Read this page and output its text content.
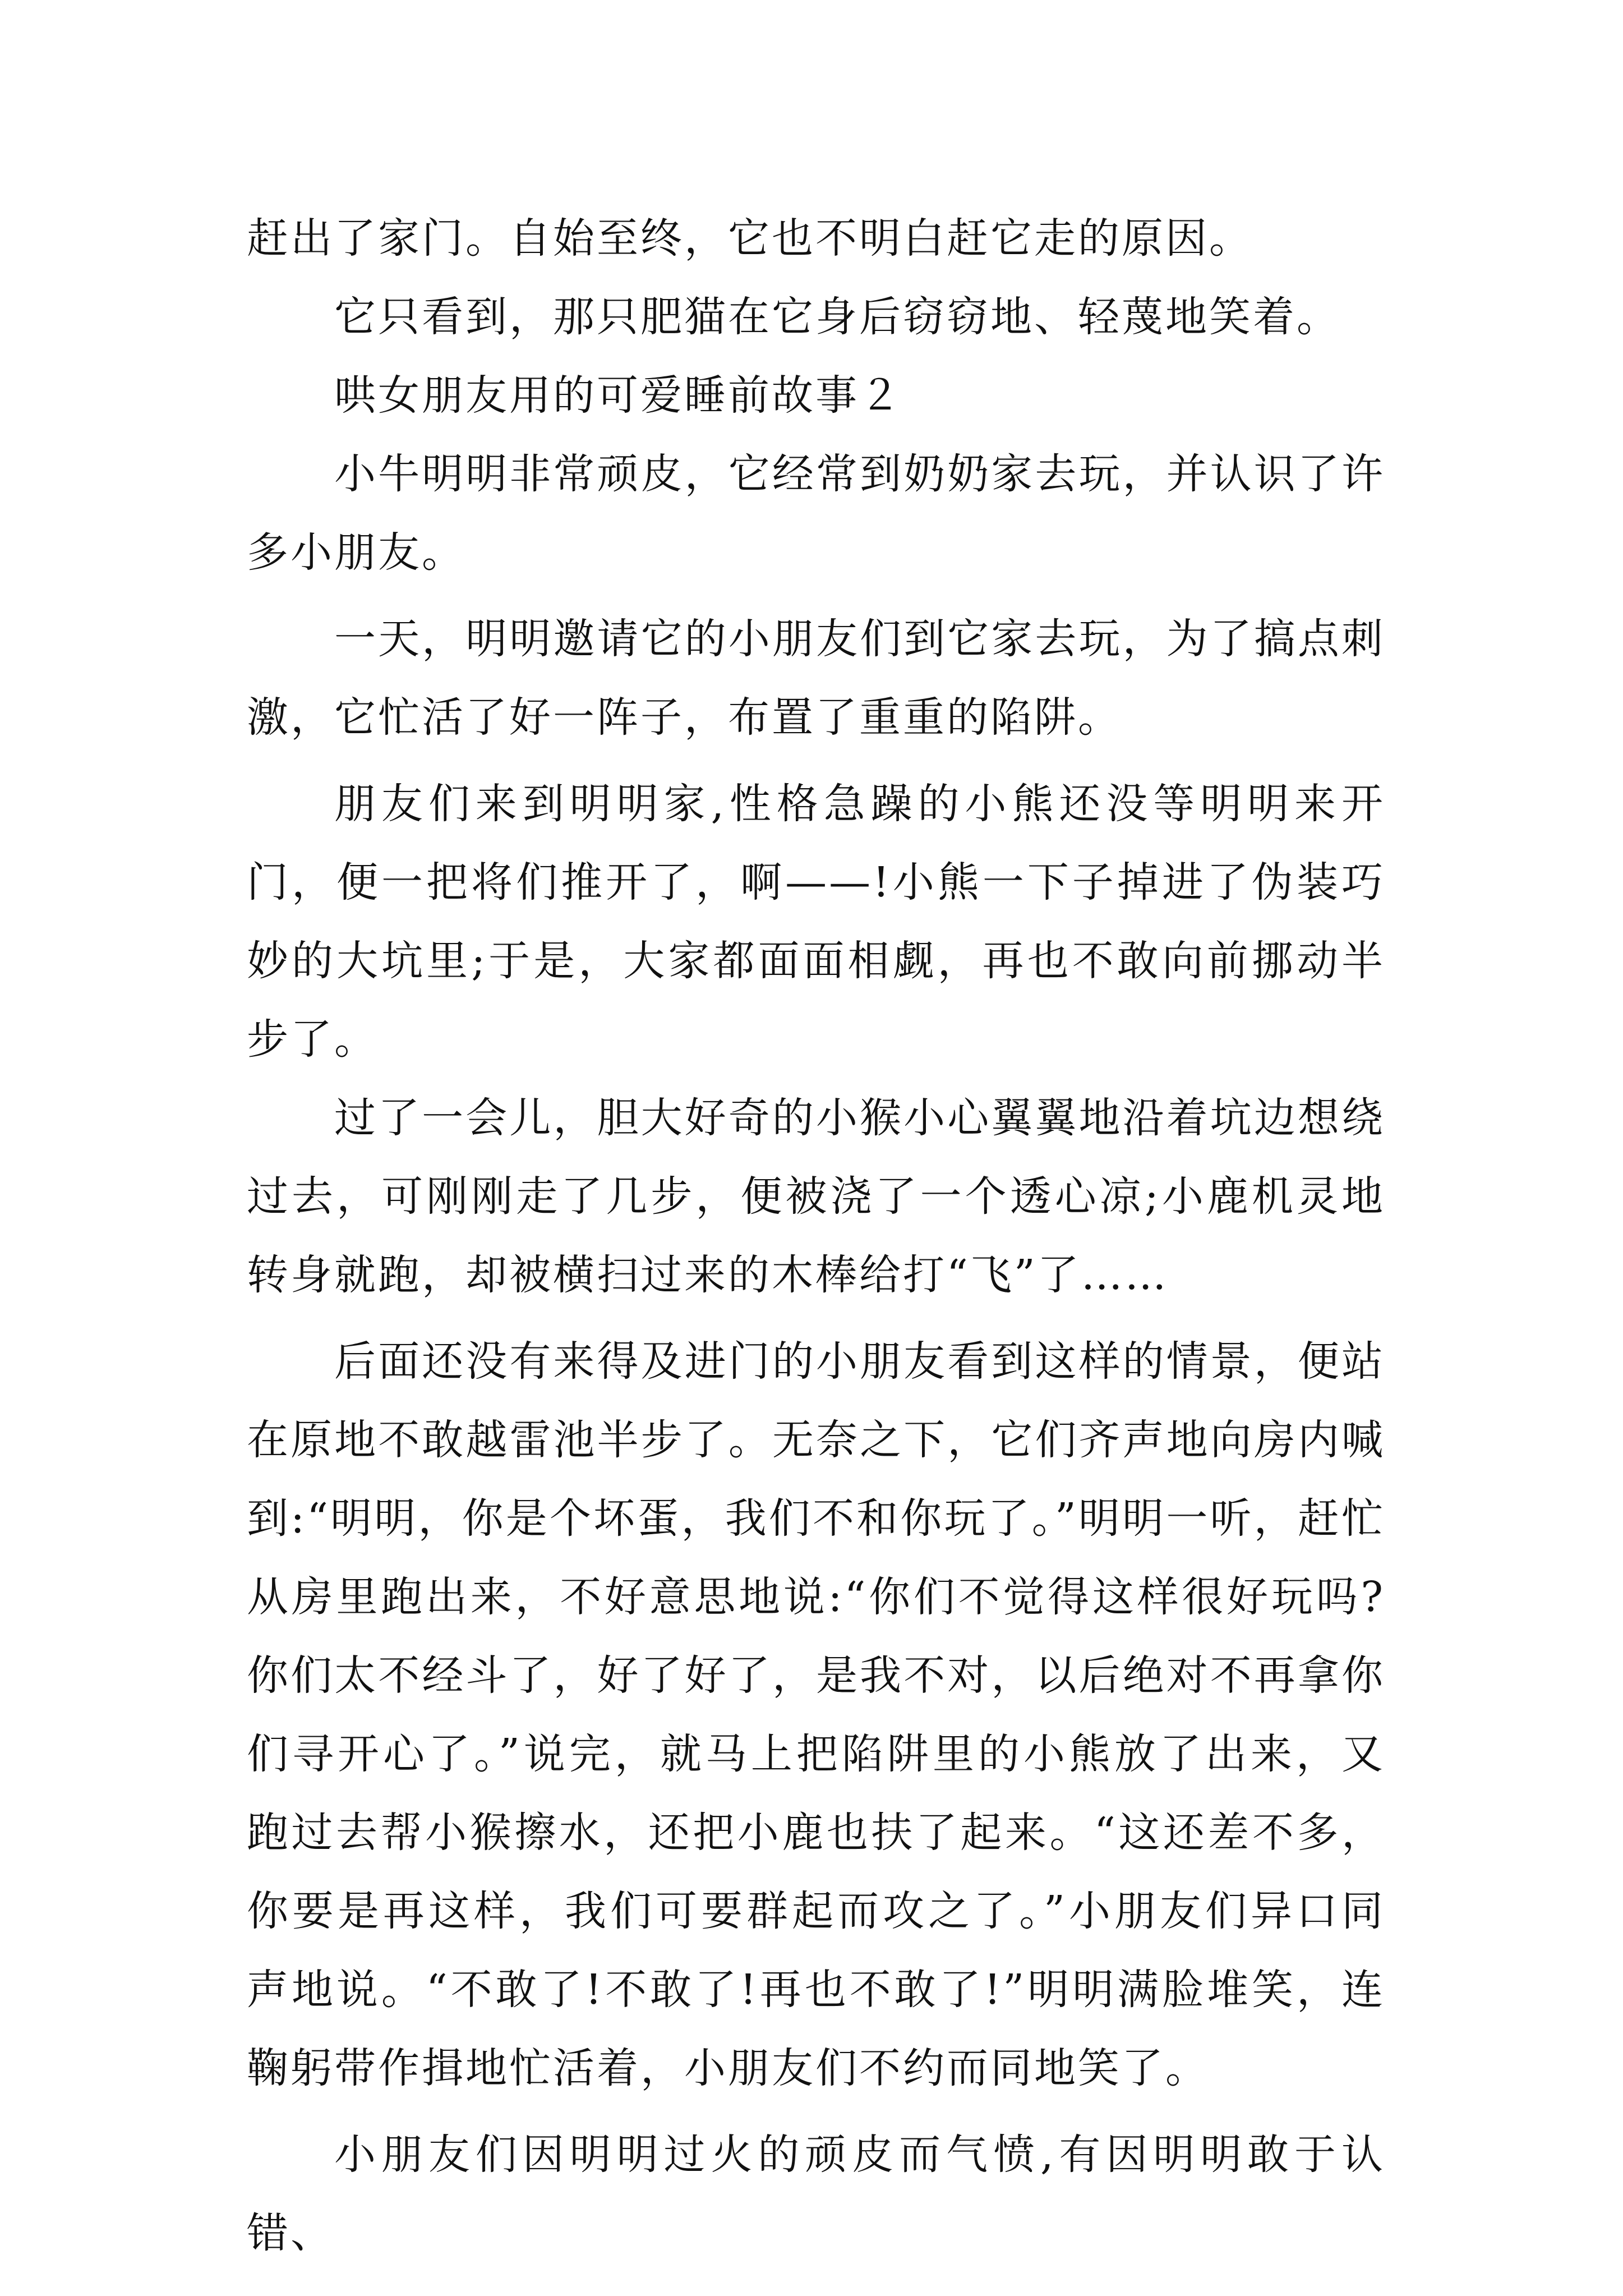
赶出了家门。自始至终，它也不明白赶它走的原因。

它只看到，那只肥猫在它身后窃窃地、轻蔑地笑着。

哄女朋友用的可爱睡前故事２

小牛明明非常顽皮，它经常到奶奶家去玩，并认识了许多小朋友。

一天，明明邀请它的小朋友们到它家去玩，为了搞点刺激，它忙活了好一阵子，布置了重重的陷阱。

朋友们来到明明家,性格急躁的小熊还没等明明来开门，便一把将们推开了，啊——!小熊一下子掉进了伪装巧妙的大坑里;于是，大家都面面相觑，再也不敢向前挪动半步了。

过了一会儿，胆大好奇的小猴小心翼翼地沿着坑边想绕过去，可刚刚走了几步，便被浇了一个透心凉;小鹿机灵地转身就跑，却被横扫过来的木棒给打“飞”了……

后面还没有来得及进门的小朋友看到这样的情景，便站在原地不敢越雷池半步了。无奈之下，它们齐声地向房内喊到:“明明，你是个坏蛋，我们不和你玩了。”明明一听，赶忙从房里跑出来，不好意思地说:“你们不觉得这样很好玩吗?你们太不经斗了，好了好了，是我不对，以后绝对不再拿你们寻开心了。”说完，就马上把陷阱里的小熊放了出来，又跑过去帮小猴擦水，还把小鹿也扶了起来。“这还差不多，你要是再这样，我们可要群起而攻之了。”小朋友们异口同声地说。“不敢了!不敢了!再也不敢了!”明明满脸堆笑，连鞠躬带作揖地忙活着，小朋友们不约而同地笑了。

小朋友们因明明过火的顽皮而气愤,有因明明敢于认错、
